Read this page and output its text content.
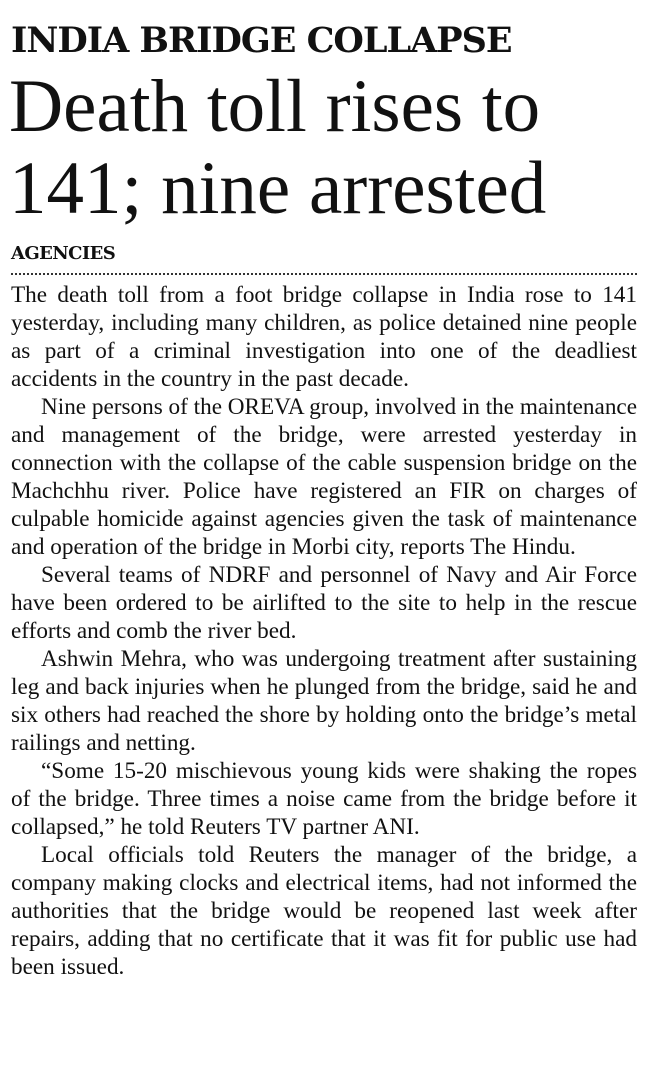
INDIA BRIDGE COLLAPSE
Death toll rises to 141; nine arrested
AGENCIES

The death toll from a foot bridge collapse in India rose to 141 yesterday, including many children, as police detained nine people as part of a criminal investigation into one of the deadliest accidents in the country in the past decade.

Nine persons of the OREVA group, involved in the maintenance and management of the bridge, were arrested yesterday in connection with the collapse of the cable suspension bridge on the Machchhu river. Police have registered an FIR on charges of culpable homicide against agencies given the task of maintenance and operation of the bridge in Morbi city, reports The Hindu.

Several teams of NDRF and personnel of Navy and Air Force have been ordered to be airlifted to the site to help in the rescue efforts and comb the river bed.

Ashwin Mehra, who was undergoing treatment after sustaining leg and back injuries when he plunged from the bridge, said he and six others had reached the shore by holding onto the bridge’s metal railings and netting.

“Some 15-20 mischievous young kids were shaking the ropes of the bridge. Three times a noise came from the bridge before it collapsed,” he told Reuters TV partner ANI.

Local officials told Reuters the manager of the bridge, a company making clocks and electrical items, had not informed the authorities that the bridge would be reopened last week after repairs, adding that no certificate that it was fit for public use had been issued.
